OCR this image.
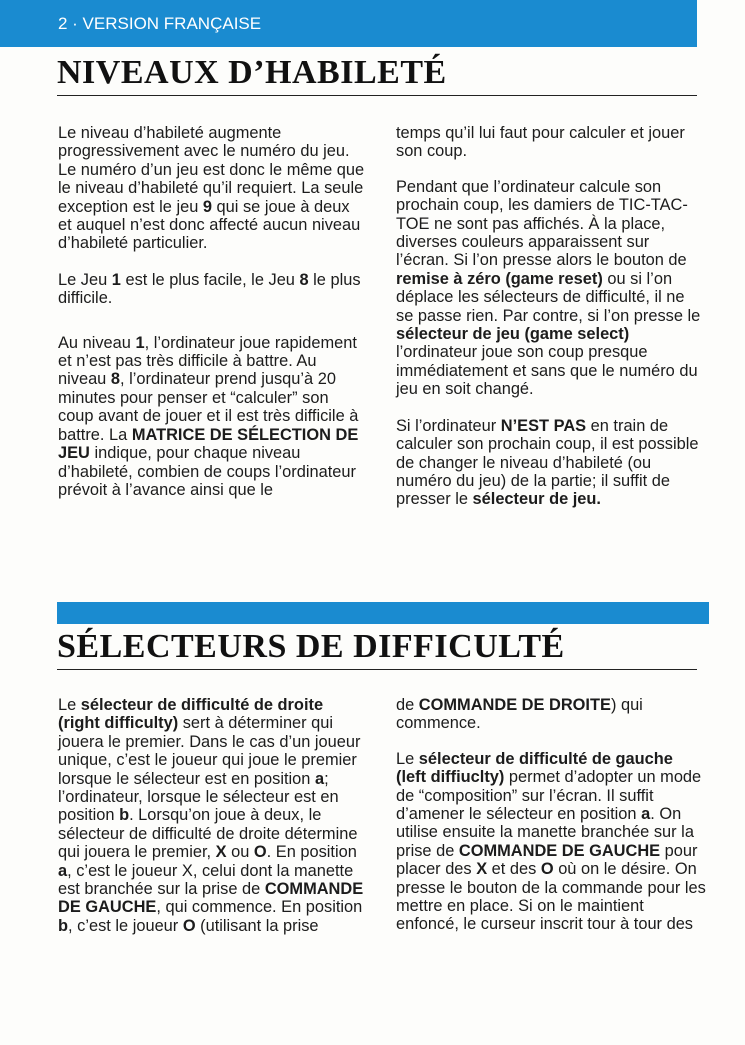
2 · VERSION FRANÇAISE
NIVEAUX D’HABILETÉ

Le niveau d’habileté augmente progressivement avec le numéro du jeu. Le numéro d’un jeu est donc le même que le niveau d’habileté qu’il requiert. La seule exception est le jeu 9 qui se joue à deux et auquel n’est donc affecté aucun niveau d’habileté particulier.

Le Jeu 1 est le plus facile, le Jeu 8 le plus difficile.

Au niveau 1, l’ordinateur joue rapidement et n’est pas très difficile à battre. Au niveau 8, l’ordinateur prend jusqu’à 20 minutes pour penser et “calculer” son coup avant de jouer et il est très difficile à battre. La MATRICE DE SÉLECTION DE JEU indique, pour chaque niveau d’habileté, combien de coups l’ordinateur prévoit à l’avance ainsi que le

temps qu’il lui faut pour calculer et jouer son coup.

Pendant que l’ordinateur calcule son prochain coup, les damiers de TIC-TAC-TOE ne sont pas affichés. À la place, diverses couleurs apparaissent sur l’écran. Si l’on presse alors le bouton de remise à zéro (game reset) ou si l’on déplace les sélecteurs de difficulté, il ne se passe rien. Par contre, si l’on presse le sélecteur de jeu (game select) l’ordinateur joue son coup presque immédiatement et sans que le numéro du jeu en soit changé.

Si l’ordinateur N’EST PAS en train de calculer son prochain coup, il est possible de changer le niveau d’habileté (ou numéro du jeu) de la partie; il suffit de presser le sélecteur de jeu.

SÉLECTEURS DE DIFFICULTÉ

Le sélecteur de difficulté de droite (right difficulty) sert à déterminer qui jouera le premier. Dans le cas d’un joueur unique, c’est le joueur qui joue le premier lorsque le sélecteur est en position a; l’ordinateur, lorsque le sélecteur est en position b. Lorsqu’on joue à deux, le sélecteur de difficulté de droite détermine qui jouera le premier, X ou O. En position a, c’est le joueur X, celui dont la manette est branchée sur la prise de COMMANDE DE GAUCHE, qui commence. En position b, c’est le joueur O (utilisant la prise

de COMMANDE DE DROITE) qui commence.

Le sélecteur de difficulté de gauche (left diffiuclty) permet d’adopter un mode de “composition” sur l’écran. Il suffit d’amener le sélecteur en position a. On utilise ensuite la manette branchée sur la prise de COMMANDE DE GAUCHE pour placer des X et des O où on le désire. On presse le bouton de la commande pour les mettre en place. Si on le maintient enfoncé, le curseur inscrit tour à tour des
